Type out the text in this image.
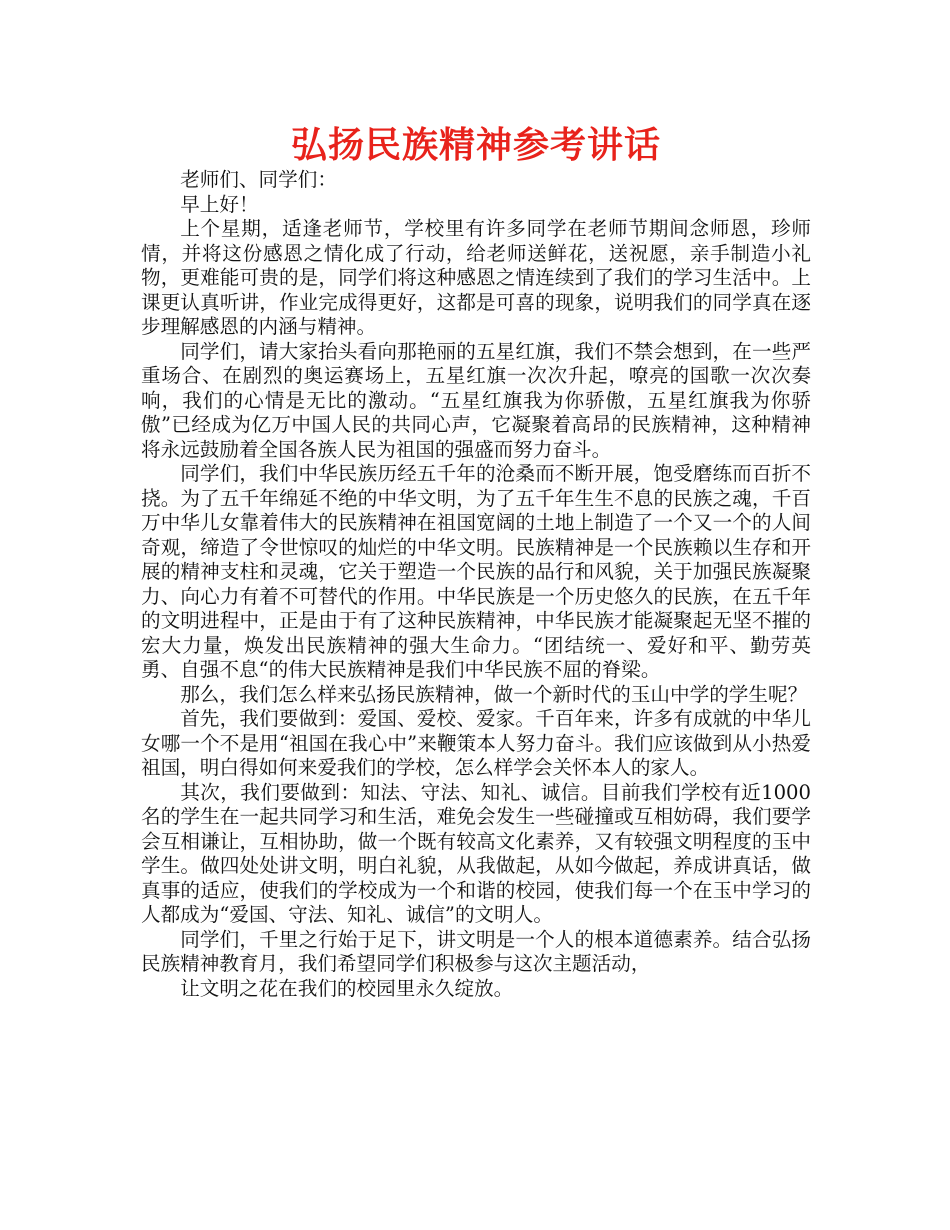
弘扬民族精神参考讲话

老师们、同学们：

早上好！

上个星期，适逢老师节，学校里有许多同学在老师节期间念师恩，珍师情，并将这份感恩之情化成了行动，给老师送鲜花，送祝愿，亲手制造小礼物，更难能可贵的是，同学们将这种感恩之情连续到了我们的学习生活中。上课更认真听讲，作业完成得更好，这都是可喜的现象，说明我们的同学真在逐步理解感恩的内涵与精神。

同学们，请大家抬头看向那艳丽的五星红旗，我们不禁会想到，在一些严重场合、在剧烈的奥运赛场上，五星红旗一次次升起，嘹亮的国歌一次次奏响，我们的心情是无比的激动。“五星红旗我为你骄傲，五星红旗我为你骄傲”已经成为亿万中国人民的共同心声，它凝聚着高昂的民族精神，这种精神将永远鼓励着全国各族人民为祖国的强盛而努力奋斗。

同学们，我们中华民族历经五千年的沧桑而不断开展，饱受磨练而百折不挠。为了五千年绵延不绝的中华文明，为了五千年生生不息的民族之魂，千百万中华儿女靠着伟大的民族精神在祖国宽阔的土地上制造了一个又一个的人间奇观，缔造了令世惊叹的灿烂的中华文明。民族精神是一个民族赖以生存和开展的精神支柱和灵魂，它关于塑造一个民族的品行和风貌，关于加强民族凝聚力、向心力有着不可替代的作用。中华民族是一个历史悠久的民族，在五千年的文明进程中，正是由于有了这种民族精神，中华民族才能凝聚起无坚不摧的宏大力量，焕发出民族精神的强大生命力。“团结统一、爱好和平、勤劳英勇、自强不息“的伟大民族精神是我们中华民族不屈的脊梁。

那么，我们怎么样来弘扬民族精神，做一个新时代的玉山中学的学生呢？

首先，我们要做到：爱国、爱校、爱家。千百年来，许多有成就的中华儿女哪一个不是用“祖国在我心中”来鞭策本人努力奋斗。我们应该做到从小热爱祖国，明白得如何来爱我们的学校，怎么样学会关怀本人的家人。

其次，我们要做到：知法、守法、知礼、诚信。目前我们学校有近1000名的学生在一起共同学习和生活，难免会发生一些碰撞或互相妨碍，我们要学会互相谦让，互相协助，做一个既有较高文化素养，又有较强文明程度的玉中学生。做四处处讲文明，明白礼貌，从我做起，从如今做起，养成讲真话，做真事的适应，使我们的学校成为一个和谐的校园，使我们每一个在玉中学习的人都成为“爱国、守法、知礼、诚信”的文明人。

同学们，千里之行始于足下，讲文明是一个人的根本道德素养。结合弘扬民族精神教育月，我们希望同学们积极参与这次主题活动，

让文明之花在我们的校园里永久绽放。
